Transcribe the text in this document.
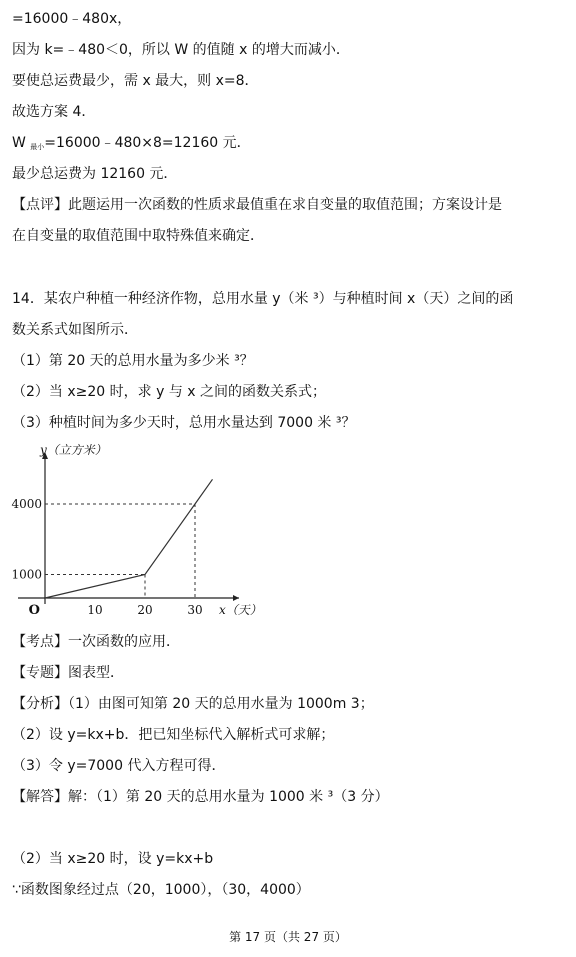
=16000﹣480x，
因为 k=﹣480＜0，所以 W 的值随 x 的增大而减小．
要使总运费最少，需 x 最大，则 x=8．
故选方案 4．
W $_{最小}$=16000﹣480×8=12160 元．
最少总运费为 12160 元．
【点评】此题运用一次函数的性质求最值重在求自变量的取值范围；方案设计是
在自变量的取值范围中取特殊值来确定．
14．某农户种植一种经济作物，总用水量 y（米 ³）与种植时间 x（天）之间的函
数关系式如图所示．
（1）第 20 天的总用水量为多少米 ³？
（2）当 x≥20 时，求 y 与 x 之间的函数关系式；
（3）种植时间为多少天时，总用水量达到 7000 米 ³？
10	20	30
1000
4000
O
y（立方米）
x（天）
【考点】一次函数的应用．
【专题】图表型．
【分析】（1）由图可知第 20 天的总用水量为 1000m 3；
（2）设 y=kx+b．把已知坐标代入解析式可求解；
（3）令 y=7000 代入方程可得．
【解答】解：（1）第 20 天的总用水量为 1000 米 ³（3 分）
（2）当 x≥20 时，设 y=kx+b
∵函数图象经过点（20，1000），（30，4000）
第 17 页（共 27 页）
